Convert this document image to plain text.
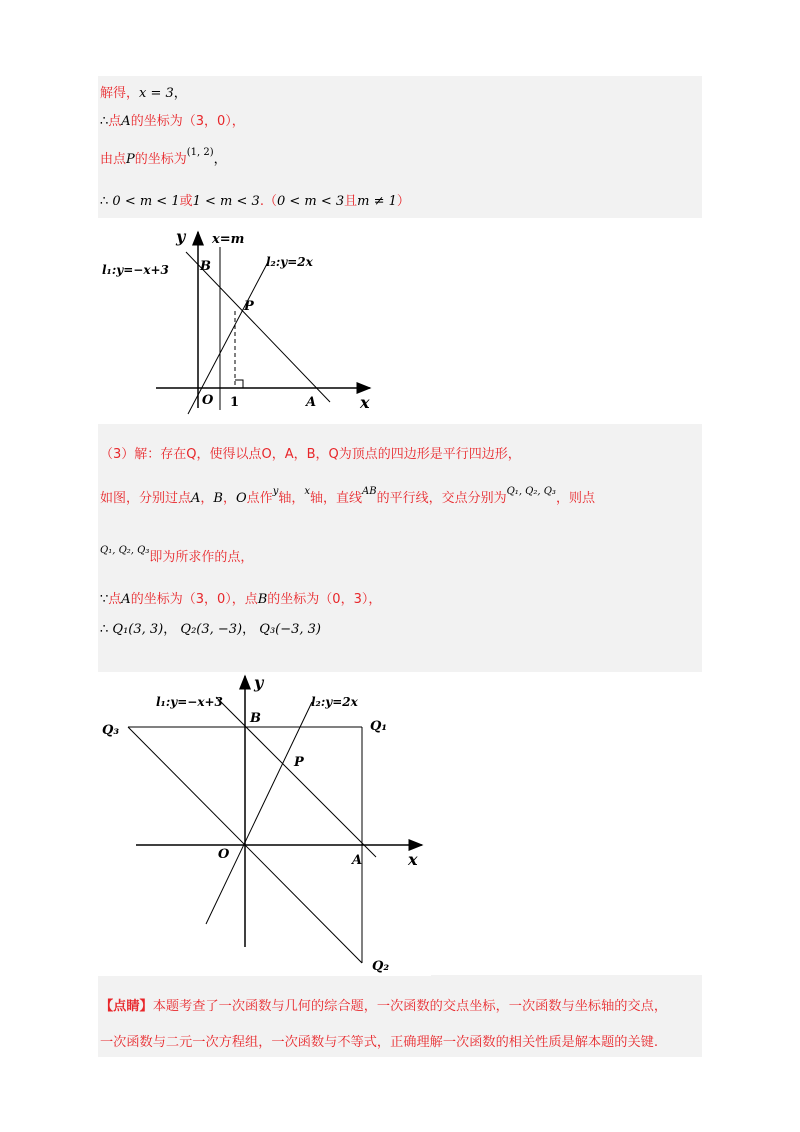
解得，x = 3，
∴点A的坐标为（3，0），
由点P的坐标为$^{(1, 2)}$，
∴ 0 < m < 1或1 < m < 3.（0 < m < 3且m ≠ 1）
y x=m
B	l₂:y=2x
l₁:y=−x+3
P
O 1	A	x
（3）解：存在Q，使得以点O，A，B，Q为顶点的四边形是平行四边形，
如图，分别过点A，B，O点作$^y$轴，$^x$轴，直线$^{AB}$的平行线，交点分别为$^{Q_1, Q_2, Q_3}$，则点
$^{Q_1, Q_2, Q_3}$即为所求作的点，
∵点A的坐标为（3，0），点B的坐标为（0，3），
∴ Q₁(3, 3)， Q₂(3, −3)， Q₃(−3, 3)
y
l₁:y=−x+3	l₂:y=2x
Q₃
B
Q₁
P
O	A	x
Q₂
【点睛】本题考查了一次函数与几何的综合题，一次函数的交点坐标，一次函数与坐标轴的交点，
一次函数与二元一次方程组，一次函数与不等式，正确理解一次函数的相关性质是解本题的关键.
